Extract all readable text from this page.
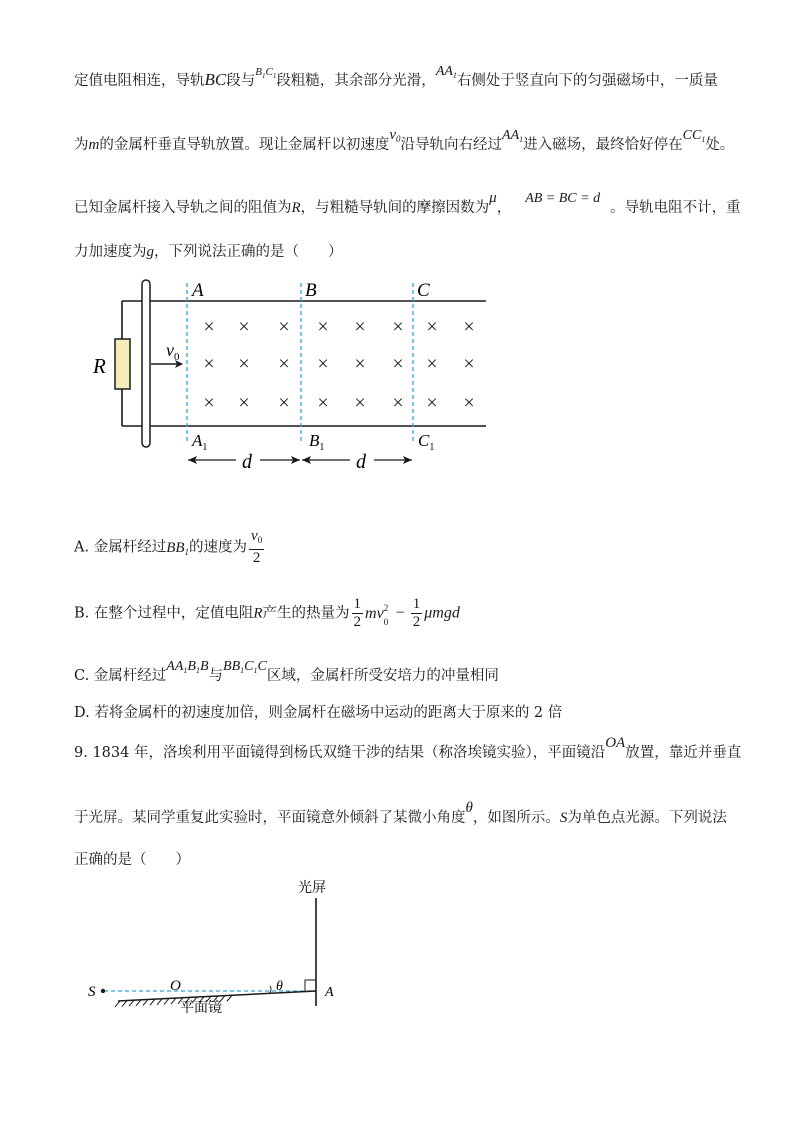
定值电阻相连，导轨BC段与$^{B_1C_1}$段粗糙，其余部分光滑，$AA_1$右侧处于竖直向下的匀强磁场中，一质量
为m的金属杆垂直导轨放置。现让金属杆以初速度$v_0$沿导轨向右经过$AA_1$进入磁场，最终恰好停在$CC_1$处。
已知金属杆接入导轨之间的阻值为R，与粗糙导轨间的摩擦因数为μ，AB = BC = d。导轨电阻不计，重
力加速度为g，下列说法正确的是（　　）
R
$v_0$
A	B	C
$A_1$	$B_1$	$C_1$
× × × × × × × ×
× × × × × × × ×
× × × × × × × ×
d	d
A. 金属杆经过$BB_1$的速度为 $\frac{v_0}{2}$
B. 在整个过程中，定值电阻R产生的热量为 $\frac{1}{2}$ mv 2
$0 - \frac{1}{2}$ μmgd
C. 金属杆经过$AA_1B_1B$与$BB_1C_1C$区域，金属杆所受安培力的冲量相同
D. 若将金属杆的初速度加倍，则金属杆在磁场中运动的距离大于原来的 2 倍
9. 1834 年，洛埃利用平面镜得到杨氏双缝干涉的结果（称洛埃镜实验），平面镜沿OA放置，靠近并垂直
于光屏。某同学重复此实验时，平面镜意外倾斜了某微小角度θ，如图所示。S为单色点光源。下列说法
正确的是（　　）
光屏
S	O	θ	A
平面镜
